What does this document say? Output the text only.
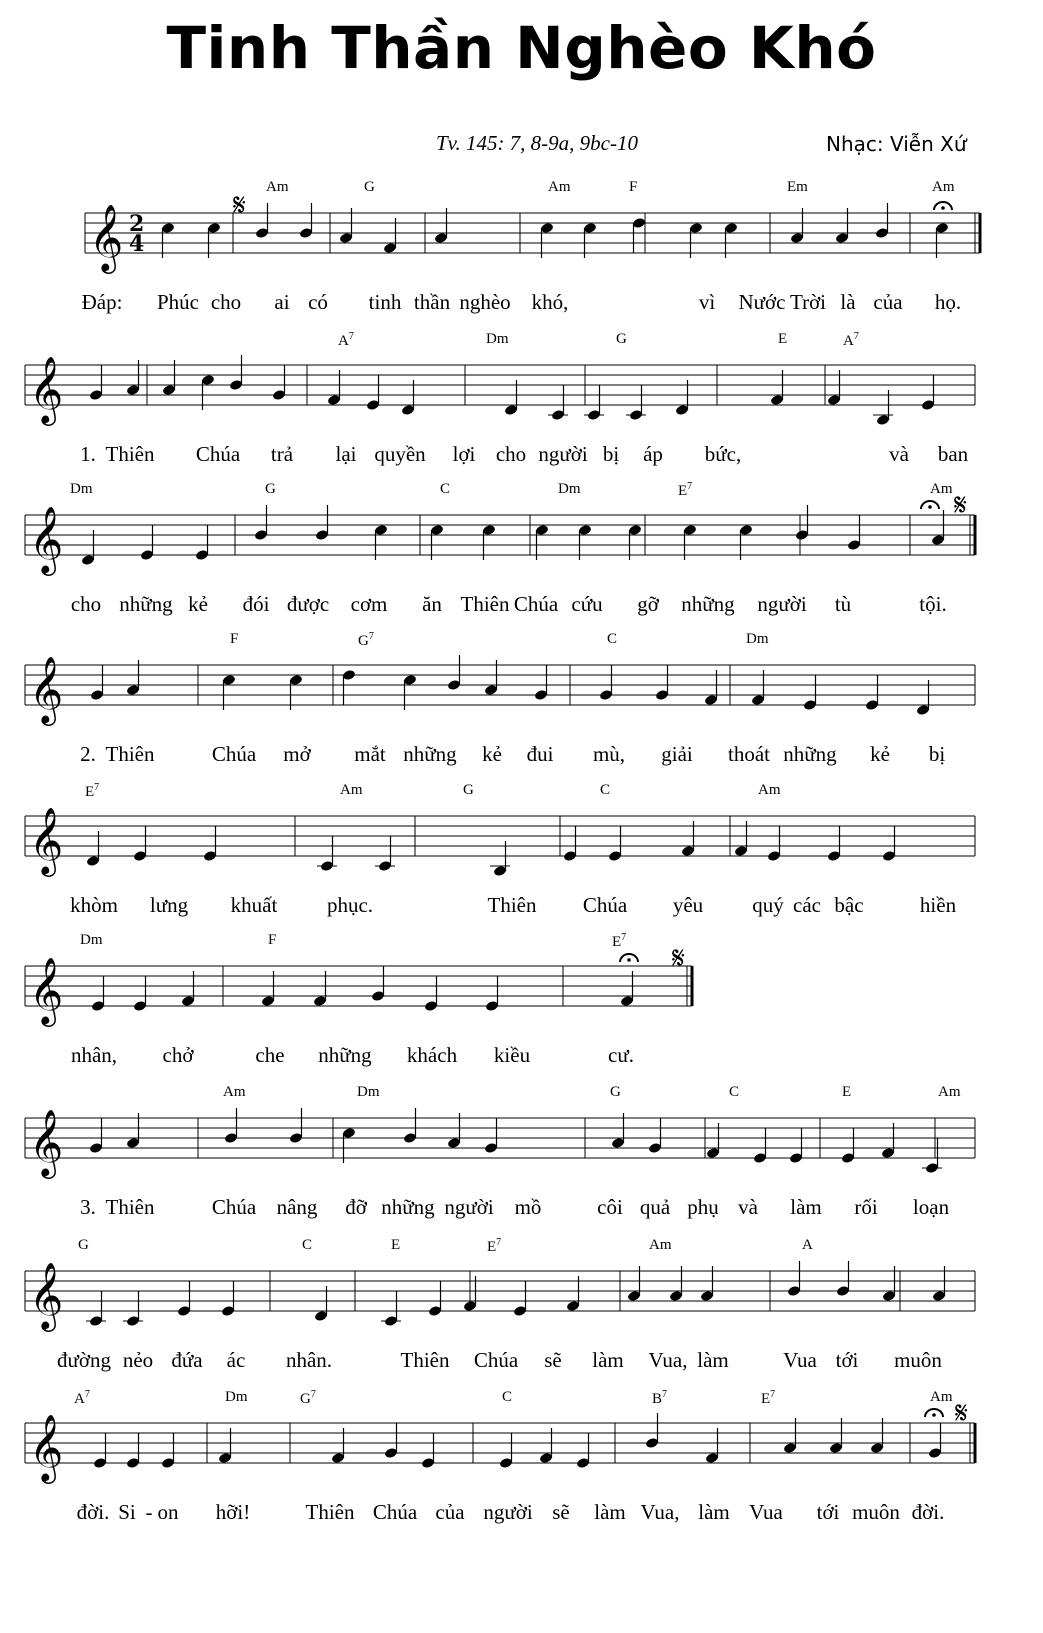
Tinh Thần Nghèo Khó
Tv. 145: 7, 8-9a, 9bc-10	Nhạc: Viễn Xứ
𝄞 2
4
𝄋
Am	G	Am	F	Em	Am
Đáp: Phúc cho ai có tinh thần nghèo khó,	vì Nước Trời là của họ.
𝄞
$A^7$	Dm	G	E	$A^7$
1. Thiên Chúa trả lại quyền lợi cho người bị áp bức,	và ban
𝄞	𝄋
Dm	G	C	Dm	$E^7$	Am
cho những kẻ đói được cơm ăn Thiên Chúa cứu gỡ những người tù	tội.
𝄞
F	$G^7$	C	Dm
2. Thiên	Chúa mở mắt những kẻ đui mù, giải thoát những kẻ bị
𝄞
$E^7$	Am	G	C	Am
khòm lưng khuất phục.	Thiên Chúa yêu quý các bậc	hiền
𝄞	𝄋
Dm	F	$E^7$
nhân, chở	che những khách kiều	cư.
𝄞
Am	Dm	G	C	E	Am
3. Thiên	Chúa nâng đỡ những người mồ	côi quả phụ và làm rối loạn
𝄞
G	C	E	$E^7$	Am	A
đường nẻo đứa ác nhân.	Thiên Chúa sẽ làm Vua, làm	Vua tới muôn
𝄞	𝄋
$A^7$	Dm	$G^7$	C	$B^7$	$E^7$	Am
đời. Si - on hỡi!	Thiên Chúa của người sẽ làm Vua, làm Vua tới muôn đời.
